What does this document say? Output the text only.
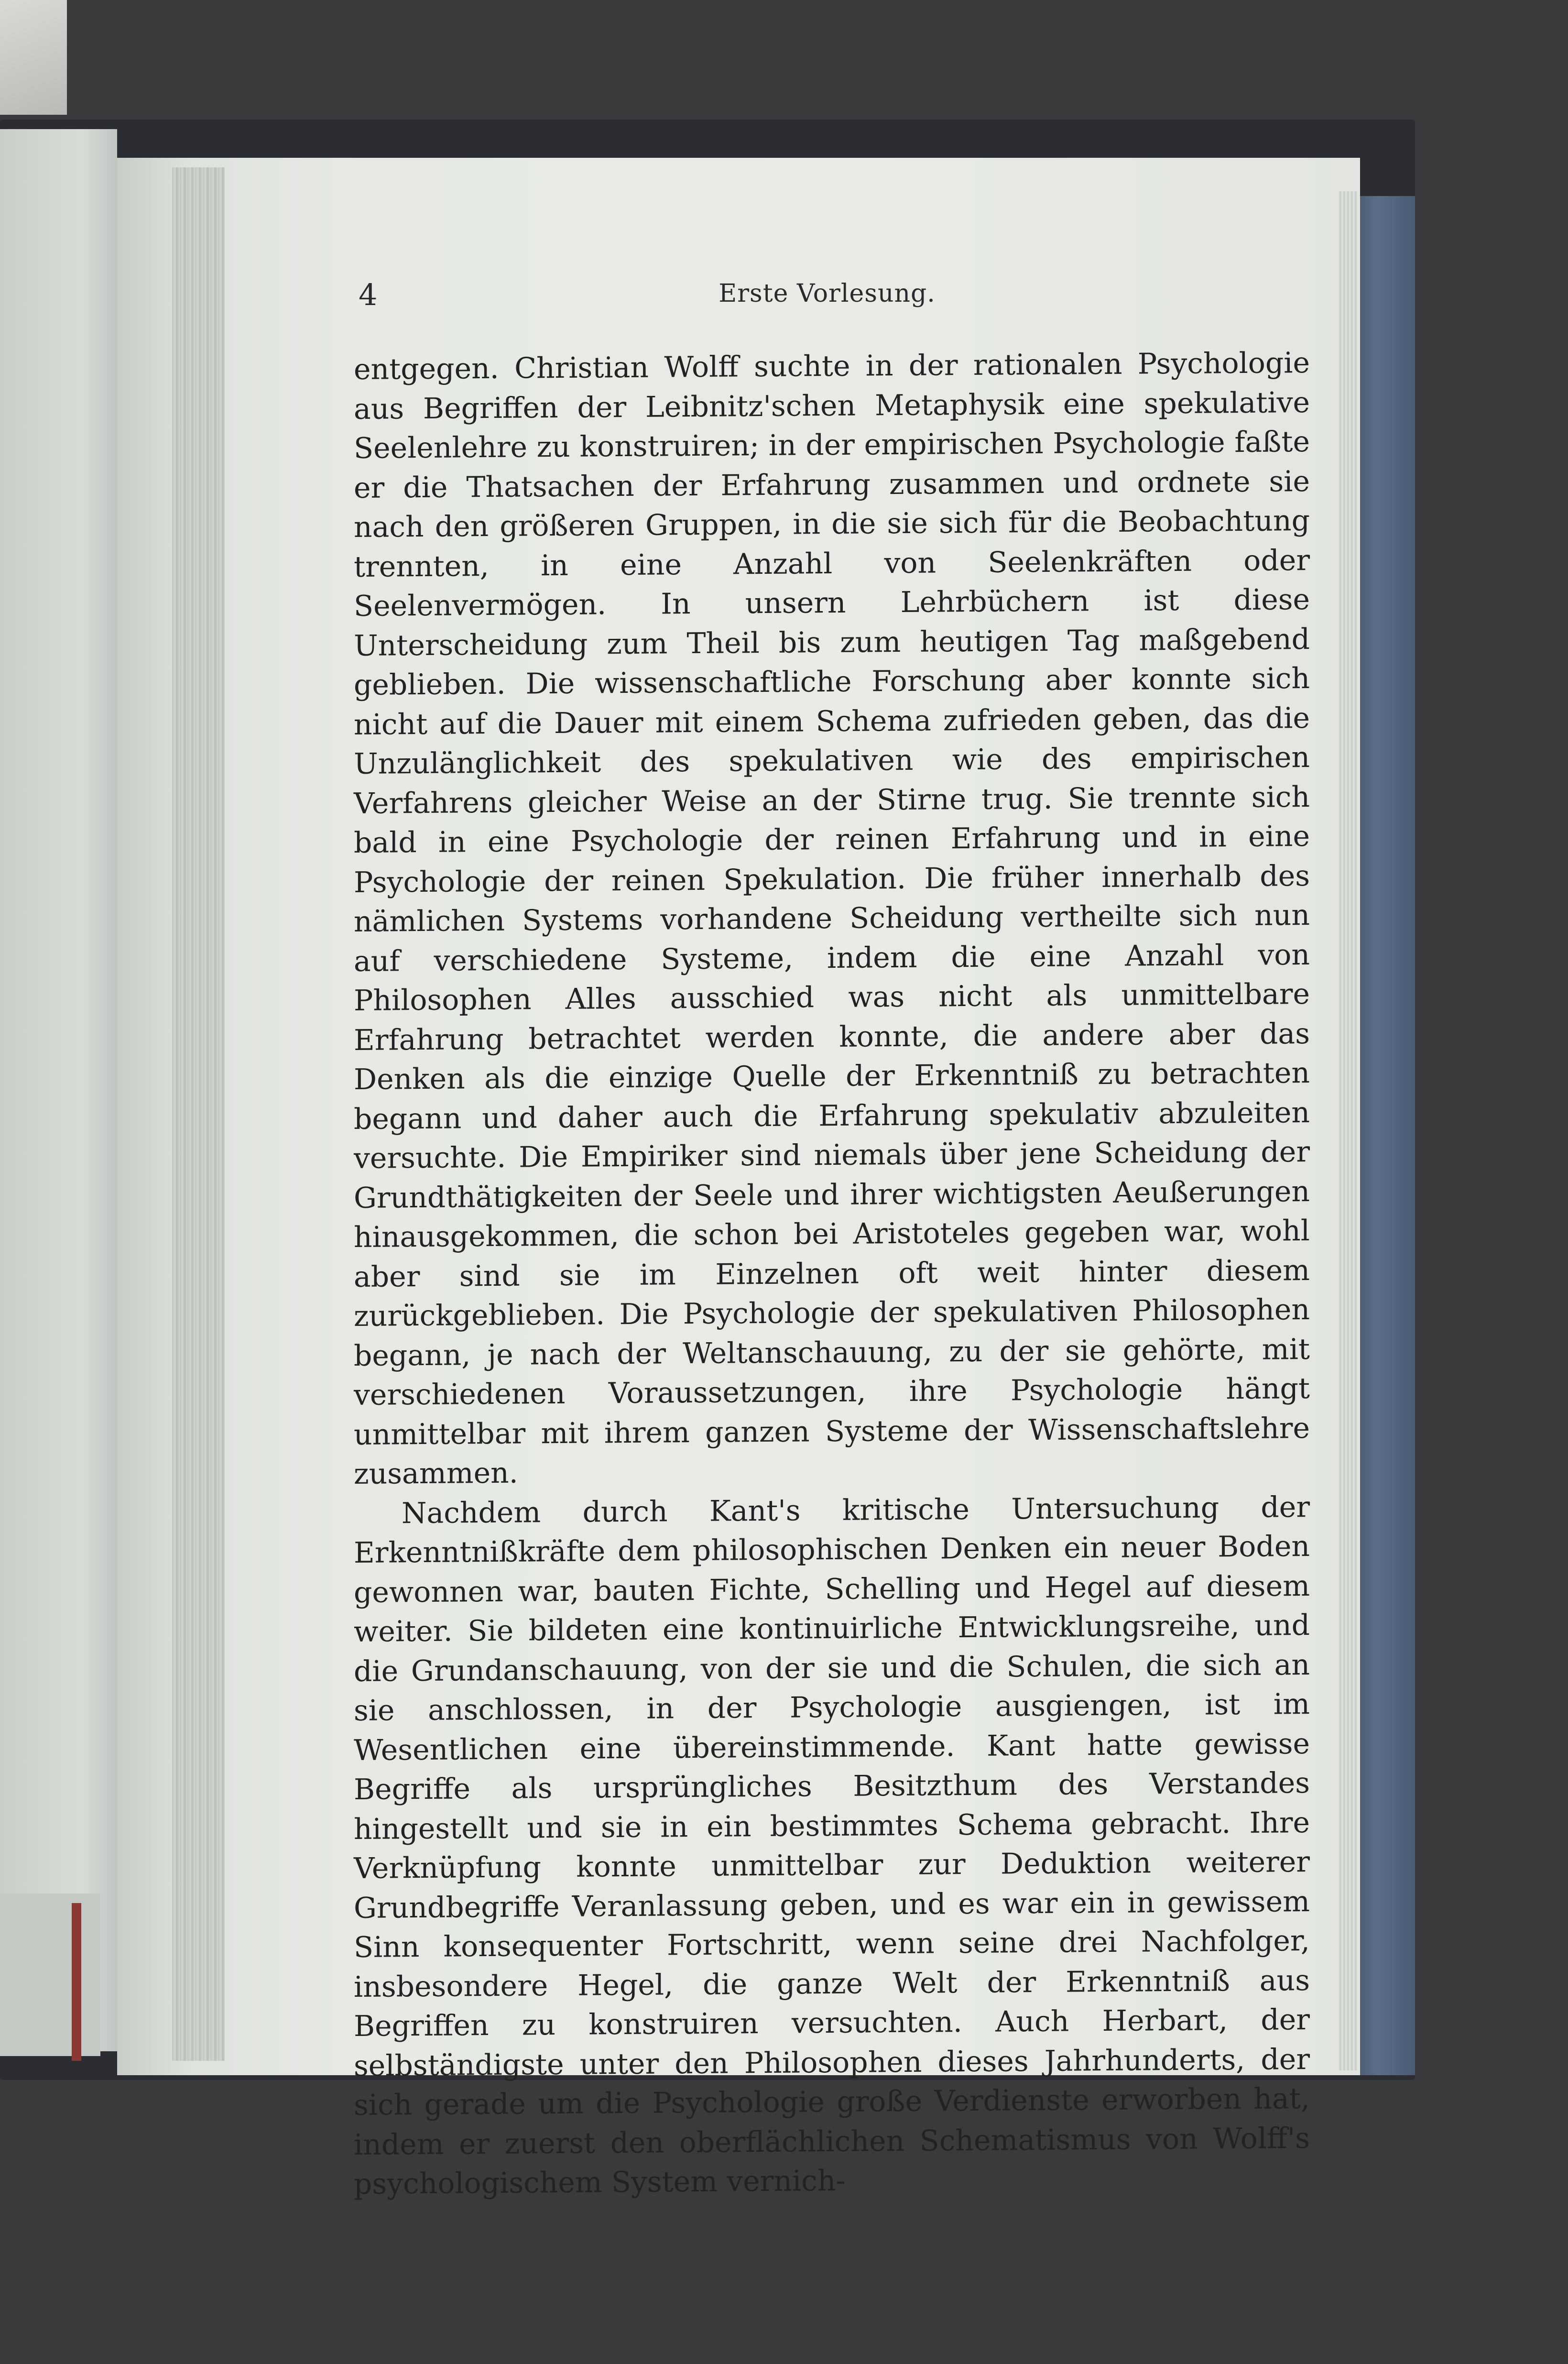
4	Erste Vorlesung.

entgegen. Christian Wolff suchte in der rationalen Psychologie aus Begriffen der Leibnitz'schen Metaphysik eine spekulative Seelenlehre zu konstruiren; in der empirischen Psychologie faßte er die Thatsachen der Erfahrung zusammen und ordnete sie nach den größeren Gruppen, in die sie sich für die Beobachtung trennten, in eine Anzahl von Seelenkräften oder Seelenvermögen. In unsern Lehrbüchern ist diese Unterscheidung zum Theil bis zum heutigen Tag maßgebend geblieben. Die wissenschaftliche Forschung aber konnte sich nicht auf die Dauer mit einem Schema zufrieden geben, das die Unzulänglichkeit des spekulativen wie des empirischen Verfahrens gleicher Weise an der Stirne trug. Sie trennte sich bald in eine Psychologie der reinen Erfahrung und in eine Psychologie der reinen Spekulation. Die früher innerhalb des nämlichen Systems vorhandene Scheidung vertheilte sich nun auf verschiedene Systeme, indem die eine Anzahl von Philosophen Alles ausschied was nicht als unmittelbare Erfahrung betrachtet werden konnte, die andere aber das Denken als die einzige Quelle der Erkenntniß zu betrachten begann und daher auch die Erfahrung spekulativ abzuleiten versuchte. Die Empiriker sind niemals über jene Scheidung der Grundthätigkeiten der Seele und ihrer wichtigsten Aeußerungen hinausgekommen, die schon bei Aristoteles gegeben war, wohl aber sind sie im Einzelnen oft weit hinter diesem zurückgeblieben. Die Psychologie der spekulativen Philosophen begann, je nach der Weltanschauung, zu der sie gehörte, mit verschiedenen Voraussetzungen, ihre Psychologie hängt unmittelbar mit ihrem ganzen Systeme der Wissenschaftslehre zusammen.

Nachdem durch Kant's kritische Untersuchung der Erkenntnißkräfte dem philosophischen Denken ein neuer Boden gewonnen war, bauten Fichte, Schelling und Hegel auf diesem weiter. Sie bildeten eine kontinuirliche Entwicklungsreihe, und die Grundanschauung, von der sie und die Schulen, die sich an sie anschlossen, in der Psychologie ausgiengen, ist im Wesentlichen eine übereinstimmende. Kant hatte gewisse Begriffe als ursprüngliches Besitzthum des Verstandes hingestellt und sie in ein bestimmtes Schema gebracht. Ihre Verknüpfung konnte unmittelbar zur Deduktion weiterer Grundbegriffe Veranlassung geben, und es war ein in gewissem Sinn konsequenter Fortschritt, wenn seine drei Nachfolger, insbesondere Hegel, die ganze Welt der Erkenntniß aus Begriffen zu konstruiren versuchten. Auch Herbart, der selbständigste unter den Philosophen dieses Jahrhunderts, der sich gerade um die Psychologie große Verdienste erworben hat, indem er zuerst den oberflächlichen Schematismus von Wolff's psychologischem System vernich-
